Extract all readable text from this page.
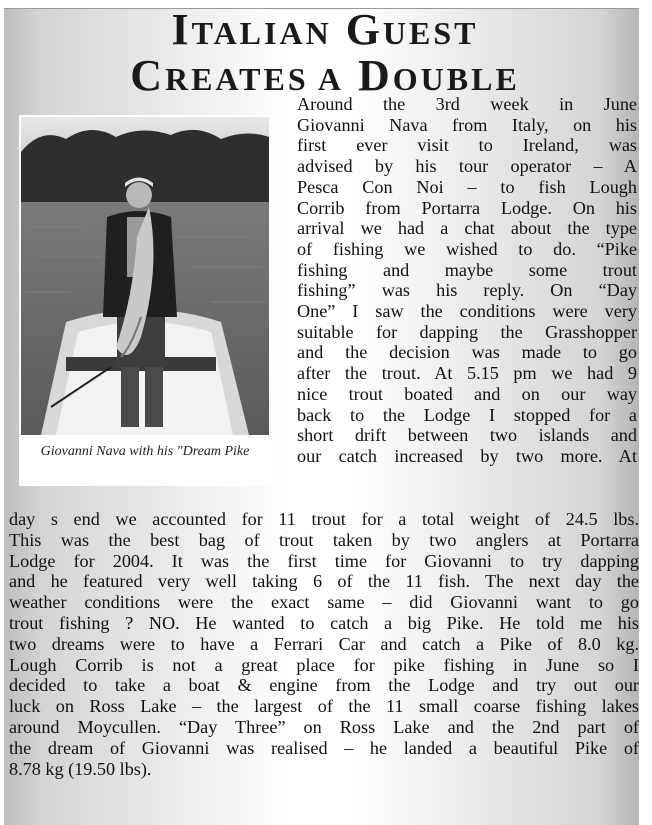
ITALIAN GUEST
CREATES A DOUBLE
Giovanni Nava with his "Dream Pike

Around the 3rd week in June
Giovanni Nava from Italy, on his
first ever visit to Ireland, was
advised by his tour operator – A
Pesca Con Noi – to fish Lough
Corrib from Portarra Lodge. On his
arrival we had a chat about the type
of fishing we wished to do. “Pike
fishing and maybe some trout
fishing” was his reply. On “Day
One” I saw the conditions were very
suitable for dapping the Grasshopper
and the decision was made to go
after the trout. At 5.15 pm we had 9
nice trout boated and on our way
back to the Lodge I stopped for a
short drift between two islands and
our catch increased by two more. At

day s end we accounted for 11 trout for a total weight of 24.5 lbs.
This was the best bag of trout taken by two anglers at Portarra
Lodge for 2004. It was the first time for Giovanni to try dapping
and he featured very well taking 6 of the 11 fish. The next day the
weather conditions were the exact same – did Giovanni want to go
trout fishing ? NO. He wanted to catch a big Pike. He told me his
two dreams were to have a Ferrari Car and catch a Pike of 8.0 kg.
Lough Corrib is not a great place for pike fishing in June so I
decided to take a boat & engine from the Lodge and try out our
luck on Ross Lake – the largest of the 11 small coarse fishing lakes
around Moycullen. “Day Three” on Ross Lake and the 2nd part of
the dream of Giovanni was realised – he landed a beautiful Pike of
8.78 kg (19.50 lbs).
